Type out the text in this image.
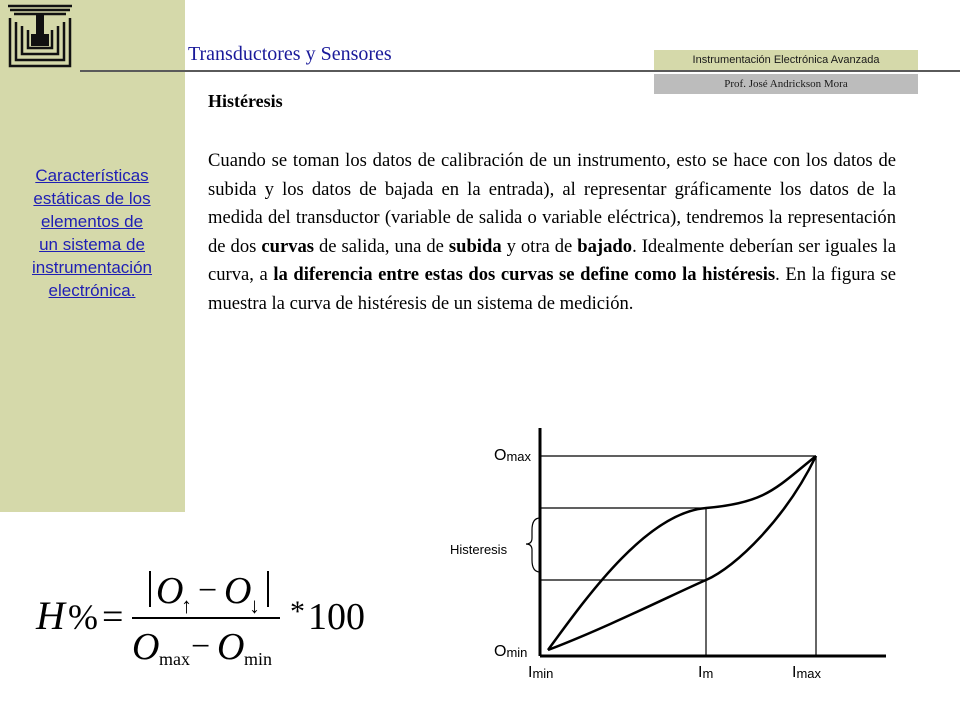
Transductores y Sensores	Instrumentación Electrónica Avanzada
Prof. José Andrickson Mora
Características
estáticas de los
elementos de
un sistema de
instrumentación
electrónica.
Histéresis
Cuando se toman los datos de calibración de un instrumento, esto se hace con los datos de subida y los datos de bajada en la entrada), al representar gráficamente los datos de la medida del transductor (variable de salida o variable eléctrica), tendremos la representación de dos curvas de salida, una de subida y otra de bajado. Idealmente deberían ser iguales la curva, a la diferencia entre estas dos curvas se define como la histéresis. En la figura se muestra la curva de histéresis de un sistema de medición.
Omax
Histeresis
Omin
Imin	Im	Imax
H % =
O
↑ − O
↓
O max − O min
* 100
